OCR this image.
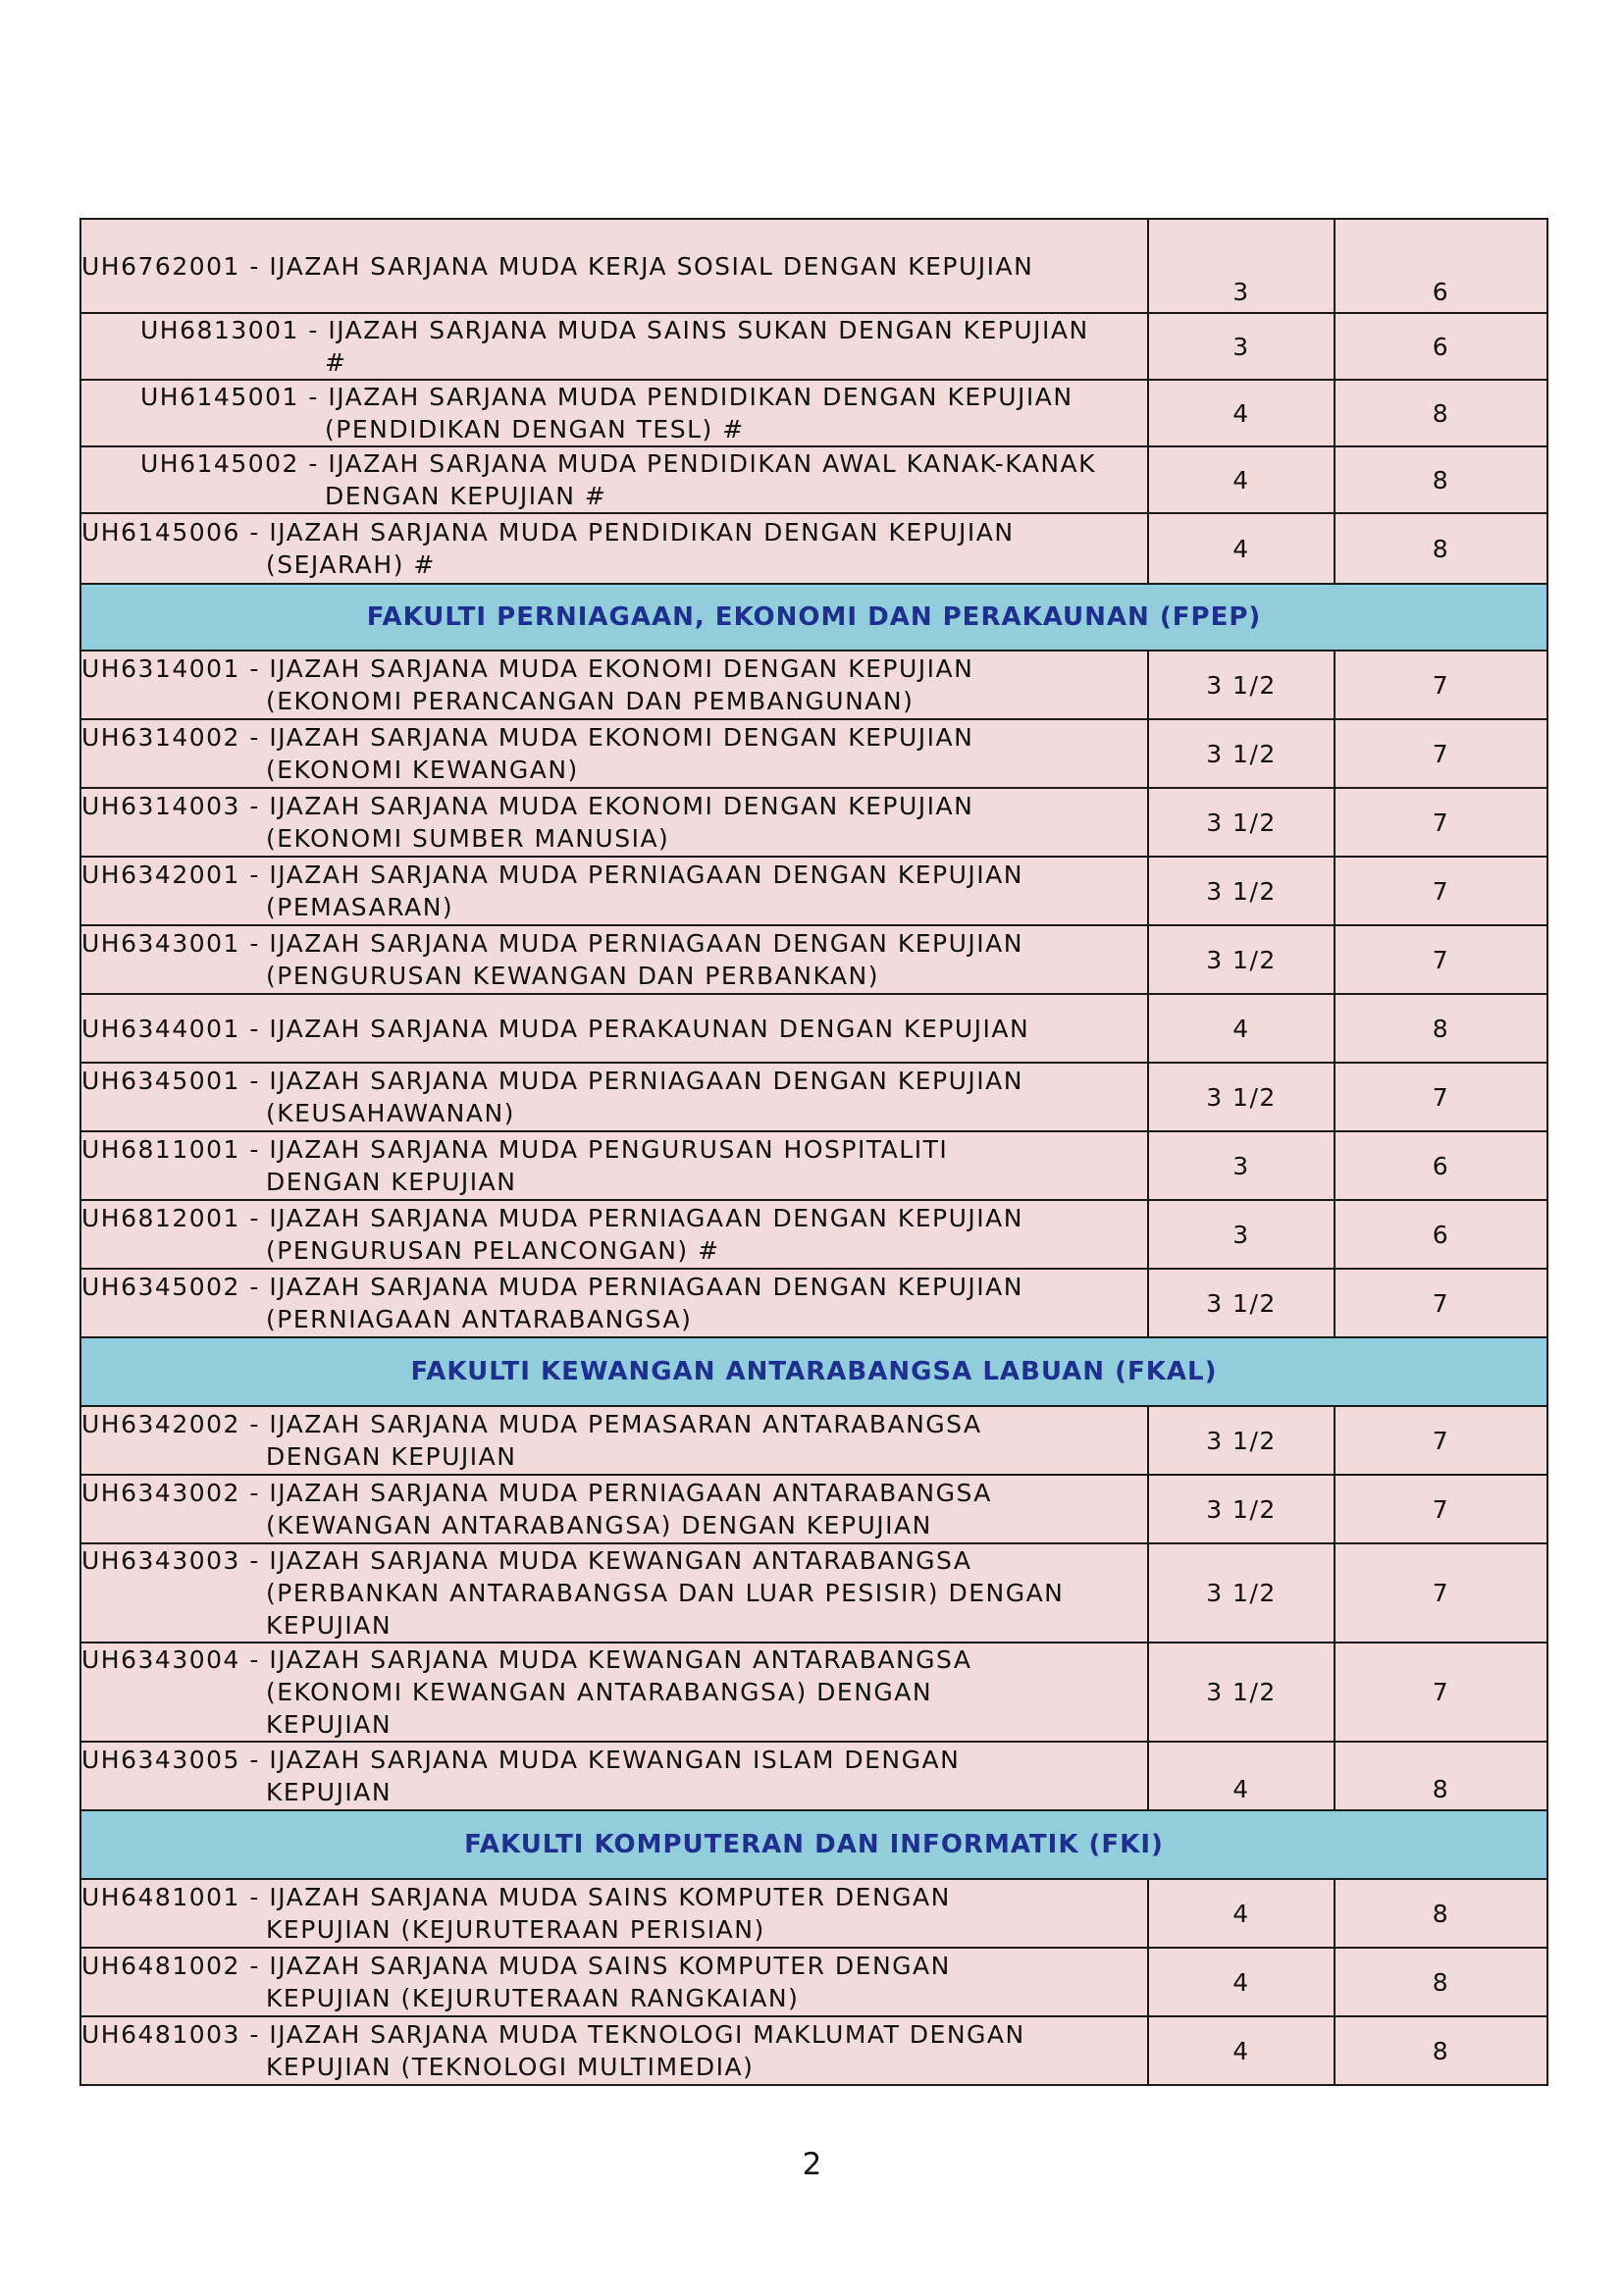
UH6762001 - IJAZAH SARJANA MUDA KERJA SOSIAL DENGAN KEPUJIAN	3	6

UH6813001 - IJAZAH SARJANA MUDA SAINS SUKAN DENGAN KEPUJIAN
#	3	6

UH6145001 - IJAZAH SARJANA MUDA PENDIDIKAN DENGAN KEPUJIAN
(PENDIDIKAN DENGAN TESL) #	4	8

UH6145002 - IJAZAH SARJANA MUDA PENDIDIKAN AWAL KANAK-KANAK
DENGAN KEPUJIAN #	4	8

UH6145006 - IJAZAH SARJANA MUDA PENDIDIKAN DENGAN KEPUJIAN
(SEJARAH) #	4	8
FAKULTI PERNIAGAAN, EKONOMI DAN PERAKAUNAN (FPEP)		

UH6314001 - IJAZAH SARJANA MUDA EKONOMI DENGAN KEPUJIAN
(EKONOMI PERANCANGAN DAN PEMBANGUNAN)	3 1/2	7

UH6314002 - IJAZAH SARJANA MUDA EKONOMI DENGAN KEPUJIAN
(EKONOMI KEWANGAN)	3 1/2	7

UH6314003 - IJAZAH SARJANA MUDA EKONOMI DENGAN KEPUJIAN
(EKONOMI SUMBER MANUSIA)	3 1/2	7

UH6342001 - IJAZAH SARJANA MUDA PERNIAGAAN DENGAN KEPUJIAN
(PEMASARAN)	3 1/2	7

UH6343001 - IJAZAH SARJANA MUDA PERNIAGAAN DENGAN KEPUJIAN
(PENGURUSAN KEWANGAN DAN PERBANKAN)	3 1/2	7

UH6344001 - IJAZAH SARJANA MUDA PERAKAUNAN DENGAN KEPUJIAN	4	8

UH6345001 - IJAZAH SARJANA MUDA PERNIAGAAN DENGAN KEPUJIAN
(KEUSAHAWANAN)	3 1/2	7

UH6811001 - IJAZAH SARJANA MUDA PENGURUSAN HOSPITALITI
DENGAN KEPUJIAN	3	6

UH6812001 - IJAZAH SARJANA MUDA PERNIAGAAN DENGAN KEPUJIAN
(PENGURUSAN PELANCONGAN) #	3	6

UH6345002 - IJAZAH SARJANA MUDA PERNIAGAAN DENGAN KEPUJIAN
(PERNIAGAAN ANTARABANGSA)	3 1/2	7
FAKULTI KEWANGAN ANTARABANGSA LABUAN (FKAL)		

UH6342002 - IJAZAH SARJANA MUDA PEMASARAN ANTARABANGSA
DENGAN KEPUJIAN	3 1/2	7

UH6343002 - IJAZAH SARJANA MUDA PERNIAGAAN ANTARABANGSA
(KEWANGAN ANTARABANGSA) DENGAN KEPUJIAN	3 1/2	7

UH6343003 - IJAZAH SARJANA MUDA KEWANGAN ANTARABANGSA
(PERBANKAN ANTARABANGSA DAN LUAR PESISIR) DENGAN
KEPUJIAN	3 1/2	7

UH6343004 - IJAZAH SARJANA MUDA KEWANGAN ANTARABANGSA
(EKONOMI KEWANGAN ANTARABANGSA) DENGAN
KEPUJIAN	3 1/2	7

UH6343005 - IJAZAH SARJANA MUDA KEWANGAN ISLAM DENGAN
KEPUJIAN	4	8
FAKULTI KOMPUTERAN DAN INFORMATIK (FKI)		

UH6481001 - IJAZAH SARJANA MUDA SAINS KOMPUTER DENGAN
KEPUJIAN (KEJURUTERAAN PERISIAN)	4	8

UH6481002 - IJAZAH SARJANA MUDA SAINS KOMPUTER DENGAN
KEPUJIAN (KEJURUTERAAN RANGKAIAN)	4	8

UH6481003 - IJAZAH SARJANA MUDA TEKNOLOGI MAKLUMAT DENGAN
KEPUJIAN (TEKNOLOGI MULTIMEDIA)	4	8
2
